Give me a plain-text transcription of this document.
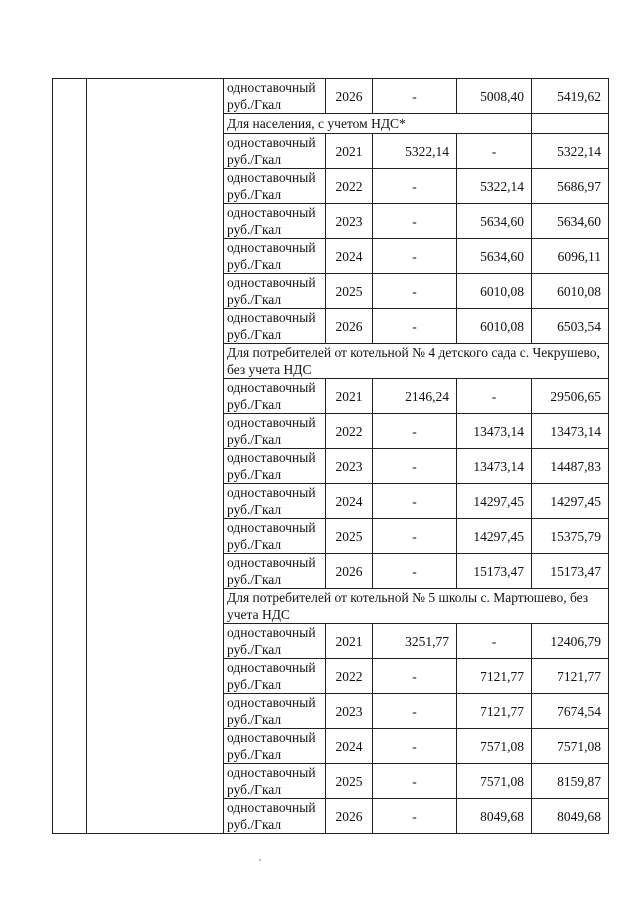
		одноставочный
руб./Гкал	2026	-	5008,40	5419,62
		Для населения, с учетом НДС*				

		одноставочный
руб./Гкал	2021	5322,14	-	5322,14

		одноставочный
руб./Гкал	2022	-	5322,14	5686,97

		одноставочный
руб./Гкал	2023	-	5634,60	5634,60

		одноставочный
руб./Гкал	2024	-	5634,60	6096,11

		одноставочный
руб./Гкал	2025	-	6010,08	6010,08

		одноставочный
руб./Гкал	2026	-	6010,08	6503,54
		Для потребителей от котельной № 4 детского сада с. Чекрушево, без учета НДС				

		одноставочный
руб./Гкал	2021	2146,24	-	29506,65

		одноставочный
руб./Гкал	2022	-	13473,14	13473,14

		одноставочный
руб./Гкал	2023	-	13473,14	14487,83

		одноставочный
руб./Гкал	2024	-	14297,45	14297,45

		одноставочный
руб./Гкал	2025	-	14297,45	15375,79

		одноставочный
руб./Гкал	2026	-	15173,47	15173,47
		Для потребителей от котельной № 5 школы с. Мартюшево, без учета НДС				

		одноставочный
руб./Гкал	2021	3251,77	-	12406,79

		одноставочный
руб./Гкал	2022	-	7121,77	7121,77

		одноставочный
руб./Гкал	2023	-	7121,77	7674,54

		одноставочный
руб./Гкал	2024	-	7571,08	7571,08

		одноставочный
руб./Гкал	2025	-	7571,08	8159,87

		одноставочный
руб./Гкал	2026	-	8049,68	8049,68
